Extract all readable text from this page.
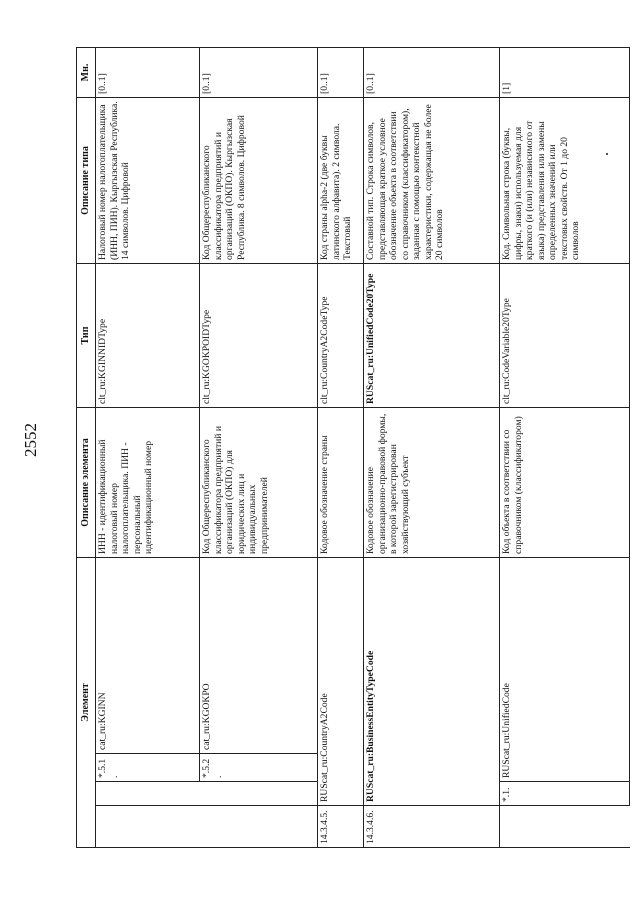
2552
Элемент				Описание элемента	Тип	Описание типа	Мн.
		*.5.1.	cat_ru:KGINN	ИНН - идентификационный налоговый номер налогоплательщика. ПИН - персональный идентификационный номер	clt_ru:KGINNIDType	Налоговый номер налогоплательщика (ИНН, ПИН). Кыргызская Республика. 14 символов. Цифровой	[0..1]
		*.5.2.	cat_ru:KGOKPO	Код Общереспубликанского классификатора предприятий и организаций (ОКПО) для юридических лиц и индивидуальных предпринимателей	clt_ru:KGOKPOIDType	Код Общереспубликанского классификатора предприятий и организаций (ОКПО). Кыргызская Республика. 8 символов. Цифровой	[0..1]
14.3.4.5.	RUScat_ru:CountryA2Code			Кодовое обозначение страны	clt_ru:CountryA2CodeType	Код страны alpha-2 (две буквы латинского алфавита). 2 символа. Текстовый	[0..1]
14.3.4.6.	RUScat_ru:BusinessEntityTypeCode			Кодовое обозначение организационно-правовой формы, в которой зарегистрирован хозяйствующий субъект	RUScat_ru:UnifiedCode20Type	Составной тип. Строка символов, представляющая краткое условное обозначение объекта в соответствии со справочником (классификатором), заданная с помощью контекстной характеристики, содержащая не более 20 символов	[0..1]
	*.1.	RUScat_ru:UnifiedCode		Код объекта в соответствии со справочником (классификатором)	clt_ru:CodeVariable20Type	Код. Символьная строка (буквы, цифры, знаки) используемая для краткого (и (или) независимого от языка) представления или замены определенных значений или текстовых свойств. От 1 до 20 символов	[1]
